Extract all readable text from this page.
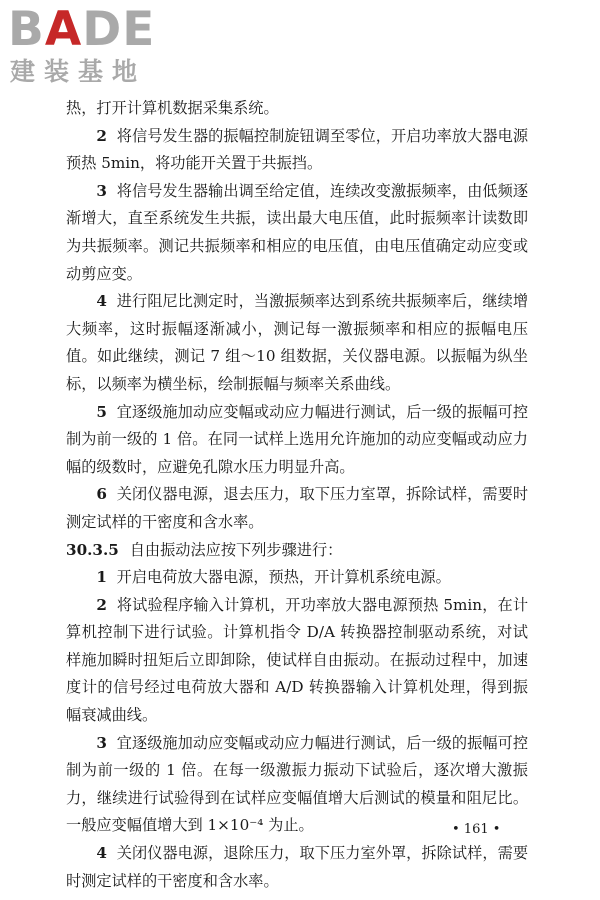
BADE
建装基地

热，打开计算机数据采集系统。

2 将信号发生器的振幅控制旋钮调至零位，开启功率放大器电源预热 5min，将功能开关置于共振挡。

3 将信号发生器输出调至给定值，连续改变激振频率，由低频逐渐增大，直至系统发生共振，读出最大电压值，此时振频率计读数即为共振频率。测记共振频率和相应的电压值，由电压值确定动应变或动剪应变。

4 进行阻尼比测定时，当激振频率达到系统共振频率后，继续增大频率，这时振幅逐渐减小，测记每一激振频率和相应的振幅电压值。如此继续，测记 7 组～10 组数据，关仪器电源。以振幅为纵坐标，以频率为横坐标，绘制振幅与频率关系曲线。

5 宜逐级施加动应变幅或动应力幅进行测试，后一级的振幅可控制为前一级的 1 倍。在同一试样上选用允许施加的动应变幅或动应力幅的级数时，应避免孔隙水压力明显升高。

6 关闭仪器电源，退去压力，取下压力室罩，拆除试样，需要时测定试样的干密度和含水率。

30.3.5 自由振动法应按下列步骤进行：

1 开启电荷放大器电源，预热，开计算机系统电源。

2 将试验程序输入计算机，开功率放大器电源预热 5min，在计算机控制下进行试验。计算机指令 D/A 转换器控制驱动系统，对试样施加瞬时扭矩后立即卸除，使试样自由振动。在振动过程中，加速度计的信号经过电荷放大器和 A/D 转换器输入计算机处理，得到振幅衰减曲线。

3 宜逐级施加动应变幅或动应力幅进行测试，后一级的振幅可控制为前一级的 1 倍。在每一级激振力振动下试验后，逐次增大激振力，继续进行试验得到在试样应变幅值增大后测试的模量和阻尼比。一般应变幅值增大到 1×10⁻⁴ 为止。

4 关闭仪器电源，退除压力，取下压力室外罩，拆除试样，需要时测定试样的干密度和含水率。

• 161 •
